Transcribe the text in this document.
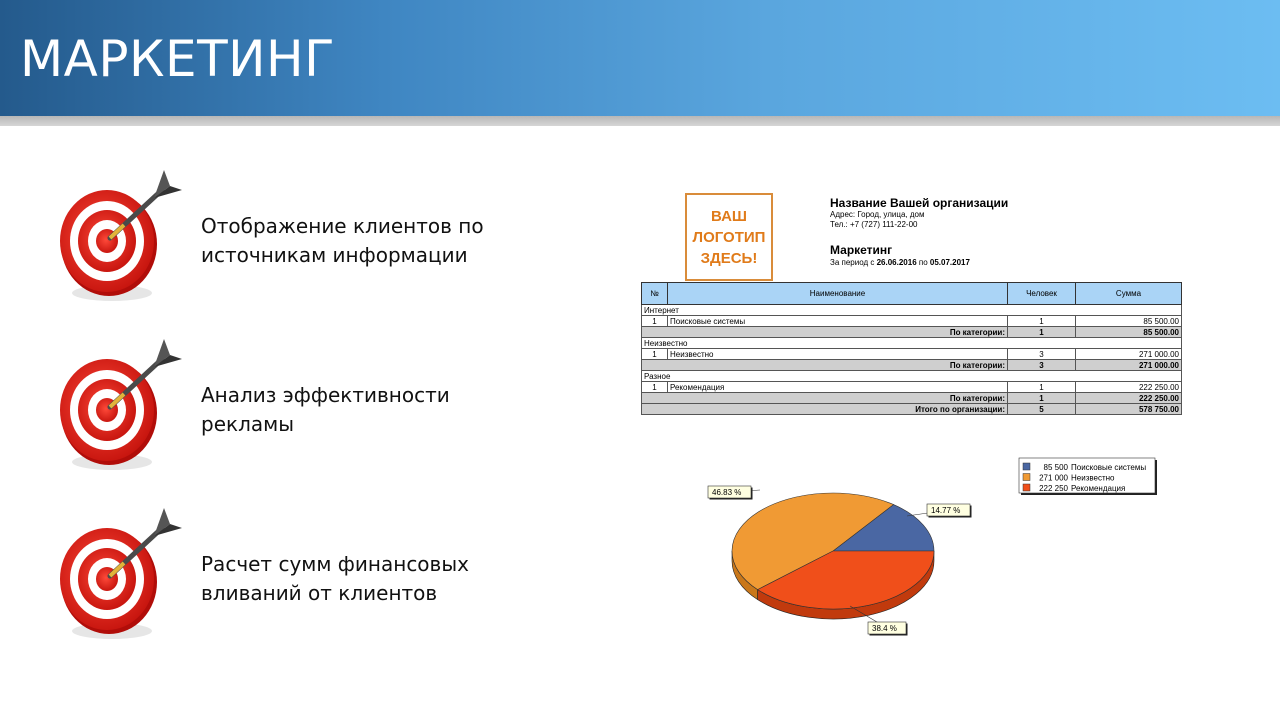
МАРКЕТИНГ
Отображение клиентов по
источникам информации
Анализ эффективности
рекламы
Расчет сумм финансовых
вливаний от клиентов
ВАШ
ЛОГОТИП
ЗДЕСЬ!
Название Вашей организации
Адрес: Город, улица, дом
Тел.: +7 (727) 111-22-00
Маркетинг
За период с 26.06.2016 по 05.07.2017
№	Наименование	Человек	Сумма
Интернет			
1	Поисковые системы	1	85 500.00
По категории:		1	85 500.00
Неизвестно			
1	Неизвестно	3	271 000.00
По категории:		3	271 000.00
Разное			
1	Рекомендация	1	222 250.00
По категории:		1	222 250.00
Итого по организации:		5	578 750.00
14.77 %
46.83 %
38.4 %
85 500 Поисковые системы
271 000 Неизвестно
222 250 Рекомендация
